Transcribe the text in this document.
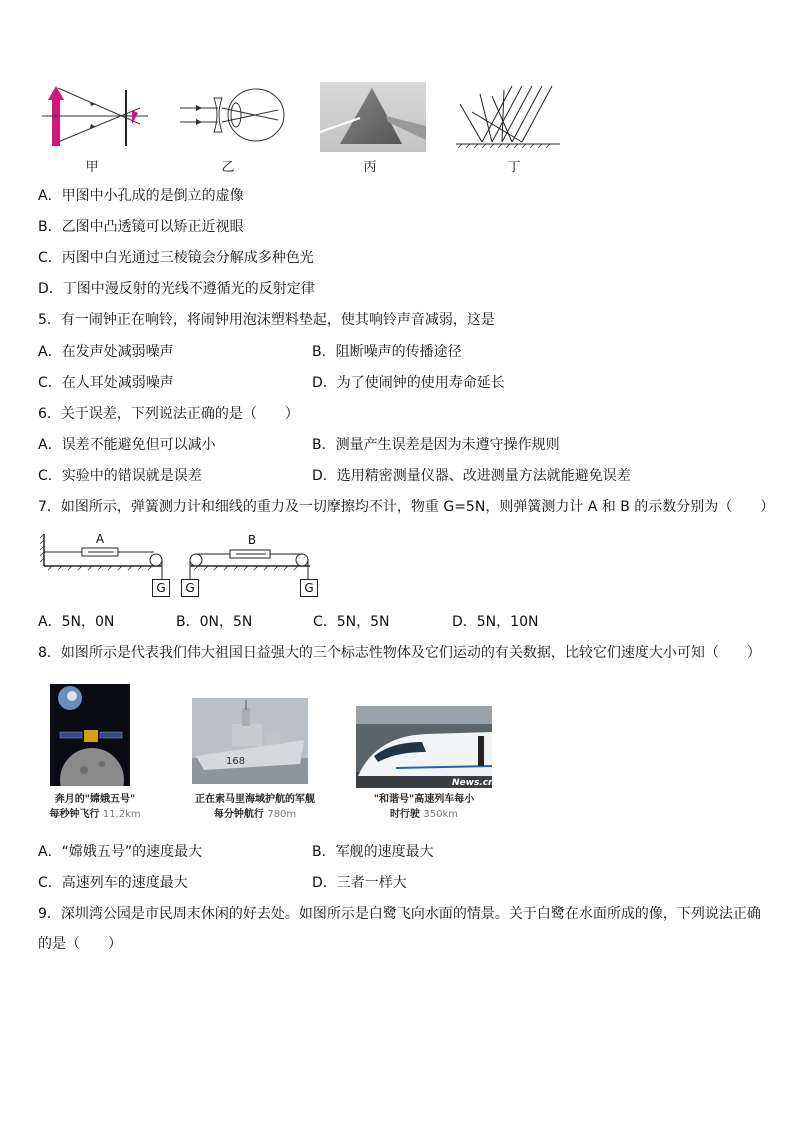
甲	乙	丙	丁
A．甲图中小孔成的是倒立的虚像
B．乙图中凸透镜可以矫正近视眼
C．丙图中白光通过三棱镜会分解成多种色光
D．丁图中漫反射的光线不遵循光的反射定律
5．有一闹钟正在响铃，将闹钟用泡沫塑料垫起，使其响铃声音减弱，这是
A．在发声处减弱噪声	B．阻断噪声的传播途径
C．在人耳处减弱噪声	D．为了使闹钟的使用寿命延长
6．关于误差，下列说法正确的是（　　）
A．误差不能避免但可以减小	B．测量产生误差是因为未遵守操作规则
C．实验中的错误就是误差	D．选用精密测量仪器、改进测量方法就能避免误差
7．如图所示，弹簧测力计和细线的重力及一切摩擦均不计，物重 G=5N，则弹簧测力计 A 和 B 的示数分别为（　　）
A	B
G	G	G
A．5N，0N	B．0N，5N	C．5N，5N	D．5N，10N
8．如图所示是代表我们伟大祖国日益强大的三个标志性物体及它们运动的有关数据，比较它们速度大小可知（　　）
奔月的"嫦娥五号"
每秒钟飞行 11.2km
168
正在索马里海域护航的军舰
每分钟航行 780m
News.cn
"和谐号"高速列车每小
时行驶 350km
A．“嫦娥五号”的速度最大	B．军舰的速度最大
C．高速列车的速度最大	D．三者一样大
9．深圳湾公园是市民周末休闲的好去处。如图所示是白鹭飞向水面的情景。关于白鹭在水面所成的像，下列说法正确
的是（　　）
